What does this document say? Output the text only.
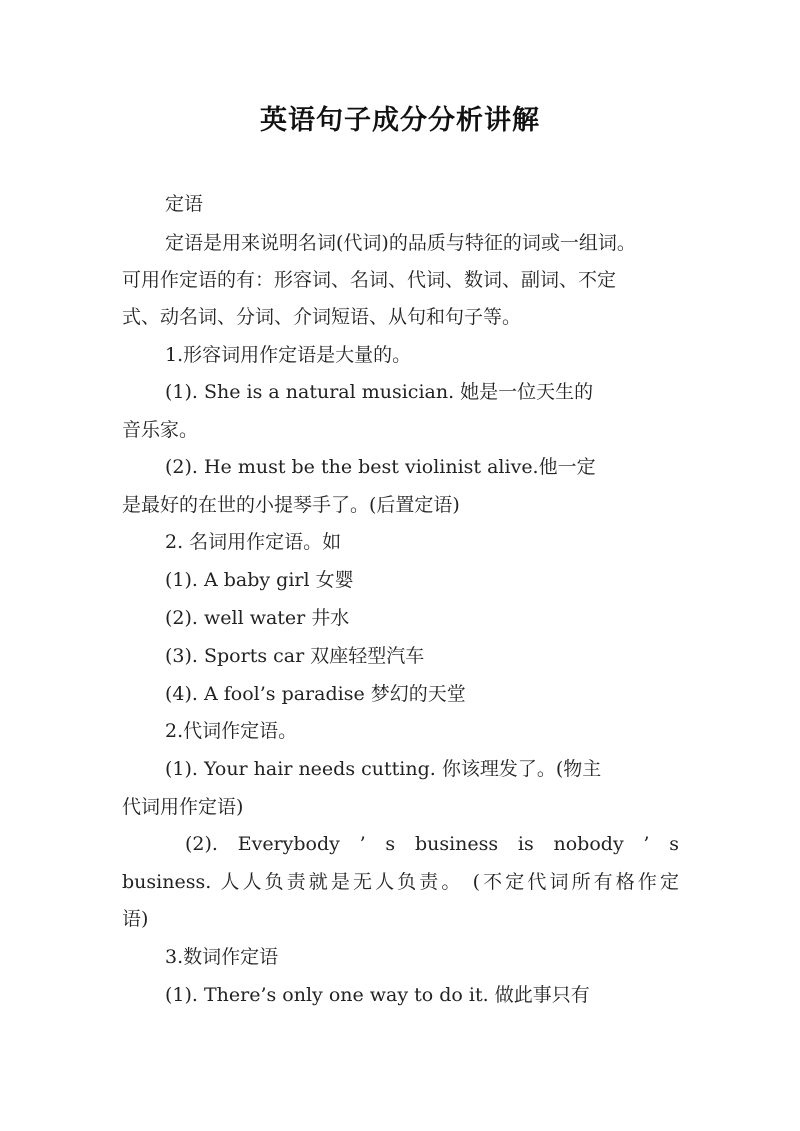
英语句子成分分析讲解
定语
定语是用来说明名词(代词)的品质与特征的词或一组词。
可用作定语的有：形容词、名词、代词、数词、副词、不定
式、动名词、分词、介词短语、从句和句子等。
1.形容词用作定语是大量的。
(1). She is a natural musician. 她是一位天生的
音乐家。
(2). He must be the best violinist alive.他一定
是最好的在世的小提琴手了。(后置定语)
2. 名词用作定语。如
(1). A baby girl 女婴
(2). well water 井水
(3). Sports car 双座轻型汽车
(4). A fool’s paradise 梦幻的天堂
2.代词作定语。
(1). Your hair needs cutting. 你该理发了。(物主
代词用作定语)
(2). Everybody ’ s business is nobody ’ s
business. 人人负责就是无人负责。 (不定代词所有格作定
语)
3.数词作定语
(1). There’s only one way to do it. 做此事只有
